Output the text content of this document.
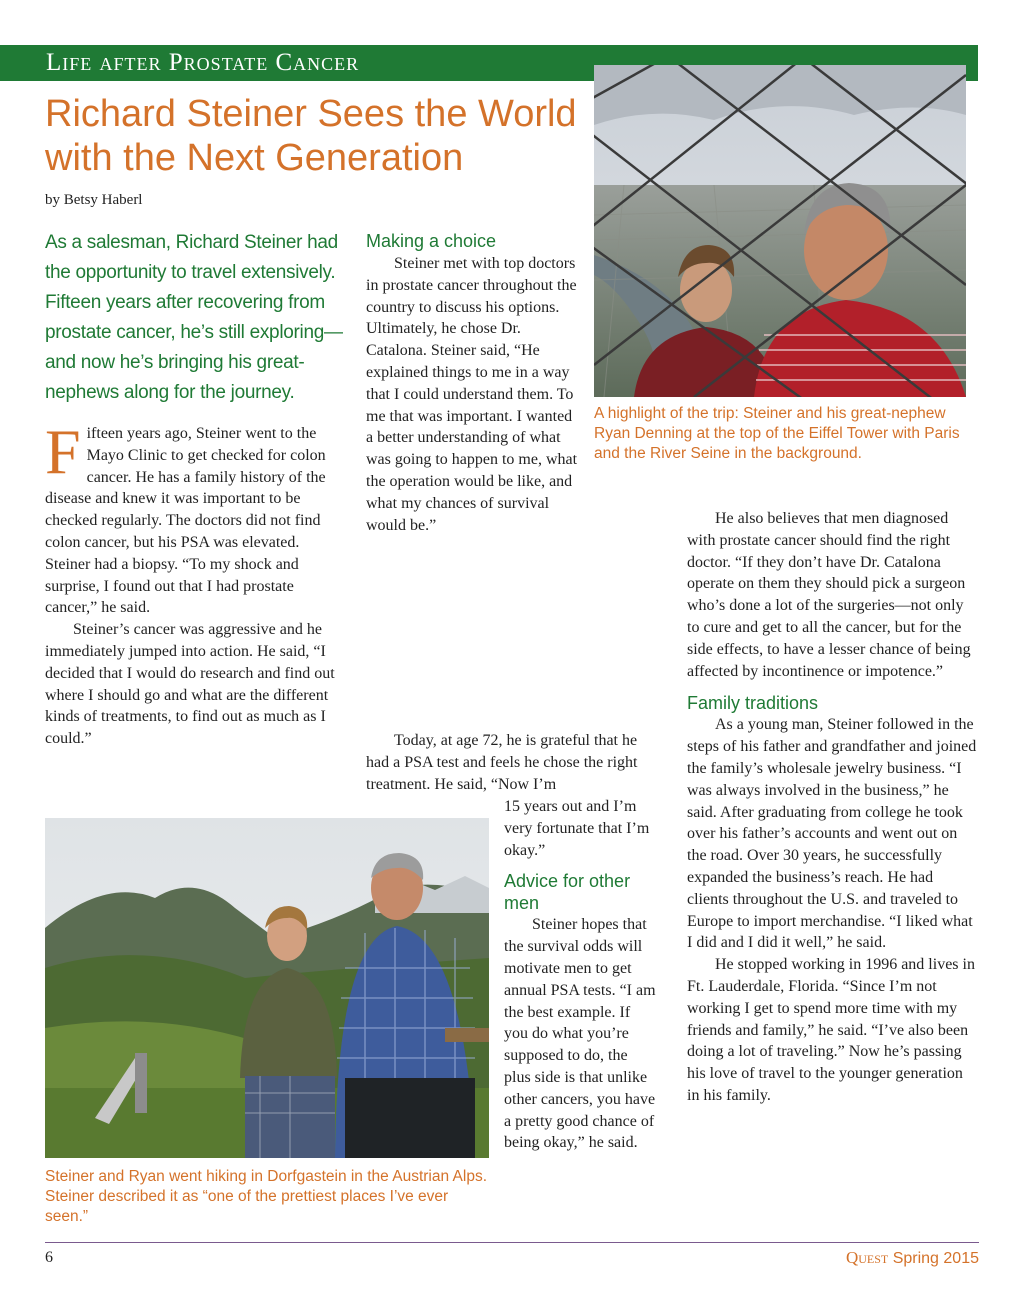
Life after Prostate Cancer
Richard Steiner Sees the World with the Next Generation
by Betsy Haberl

As a salesman, Richard Steiner had the opportunity to travel extensively. Fifteen years after recovering from prostate cancer, he’s still exploring—and now he’s bringing his great-nephews along for the journey.

A highlight of the trip: Steiner and his great-nephew Ryan Denning at the top of the Eiffel Tower with Paris and the River Seine in the background.

Fifteen years ago, Steiner went to the Mayo Clinic to get checked for colon cancer. He has a family history of the disease and knew it was important to be checked regularly. The doctors did not find colon cancer, but his PSA was elevated. Steiner had a biopsy. “To my shock and surprise, I found out that I had prostate cancer,” he said.

Steiner’s cancer was aggressive and he immediately jumped into action. He said, “I decided that I would do research and find out where I should go and what are the different kinds of treatments, to find out as much as I could.”

Making a choice

Steiner met with top doctors in prostate cancer throughout the country to discuss his options. Ultimately, he chose Dr. Catalona. Steiner said, “He explained things to me in a way that I could understand them. To me that was important. I wanted a better understanding of what was going to happen to me, what the operation would be like, and what my chances of survival would be.”

Today, at age 72, he is grateful that he had a PSA test and feels he chose the right treatment. He said, “Now I’m

15 years out and I’m very fortunate that I’m okay.”

Advice for other men

Steiner hopes that the survival odds will motivate men to get annual PSA tests. “I am the best example. If you do what you’re supposed to do, the plus side is that unlike other cancers, you have a pretty good chance of being okay,” he said.

He also believes that men diagnosed with prostate cancer should find the right doctor. “If they don’t have Dr. Catalona operate on them they should pick a surgeon who’s done a lot of the surgeries—not only to cure and get to all the cancer, but for the side effects, to have a lesser chance of being affected by incontinence or impotence.”

Family traditions

As a young man, Steiner followed in the steps of his father and grandfather and joined the family’s wholesale jewelry business. “I was always involved in the business,” he said. After graduating from college he took over his father’s accounts and went out on the road. Over 30 years, he successfully expanded the business’s reach. He had clients throughout the U.S. and traveled to Europe to import merchandise. “I liked what I did and I did it well,” he said.

He stopped working in 1996 and lives in Ft. Lauderdale, Florida. “Since I’m not working I get to spend more time with my friends and family,” he said. “I’ve also been doing a lot of traveling.” Now he’s passing his love of travel to the younger generation in his family.

Steiner and Ryan went hiking in Dorfgastein in the Austrian Alps. Steiner described it as “one of the prettiest places I’ve ever seen.”

6	Quest Spring 2015
